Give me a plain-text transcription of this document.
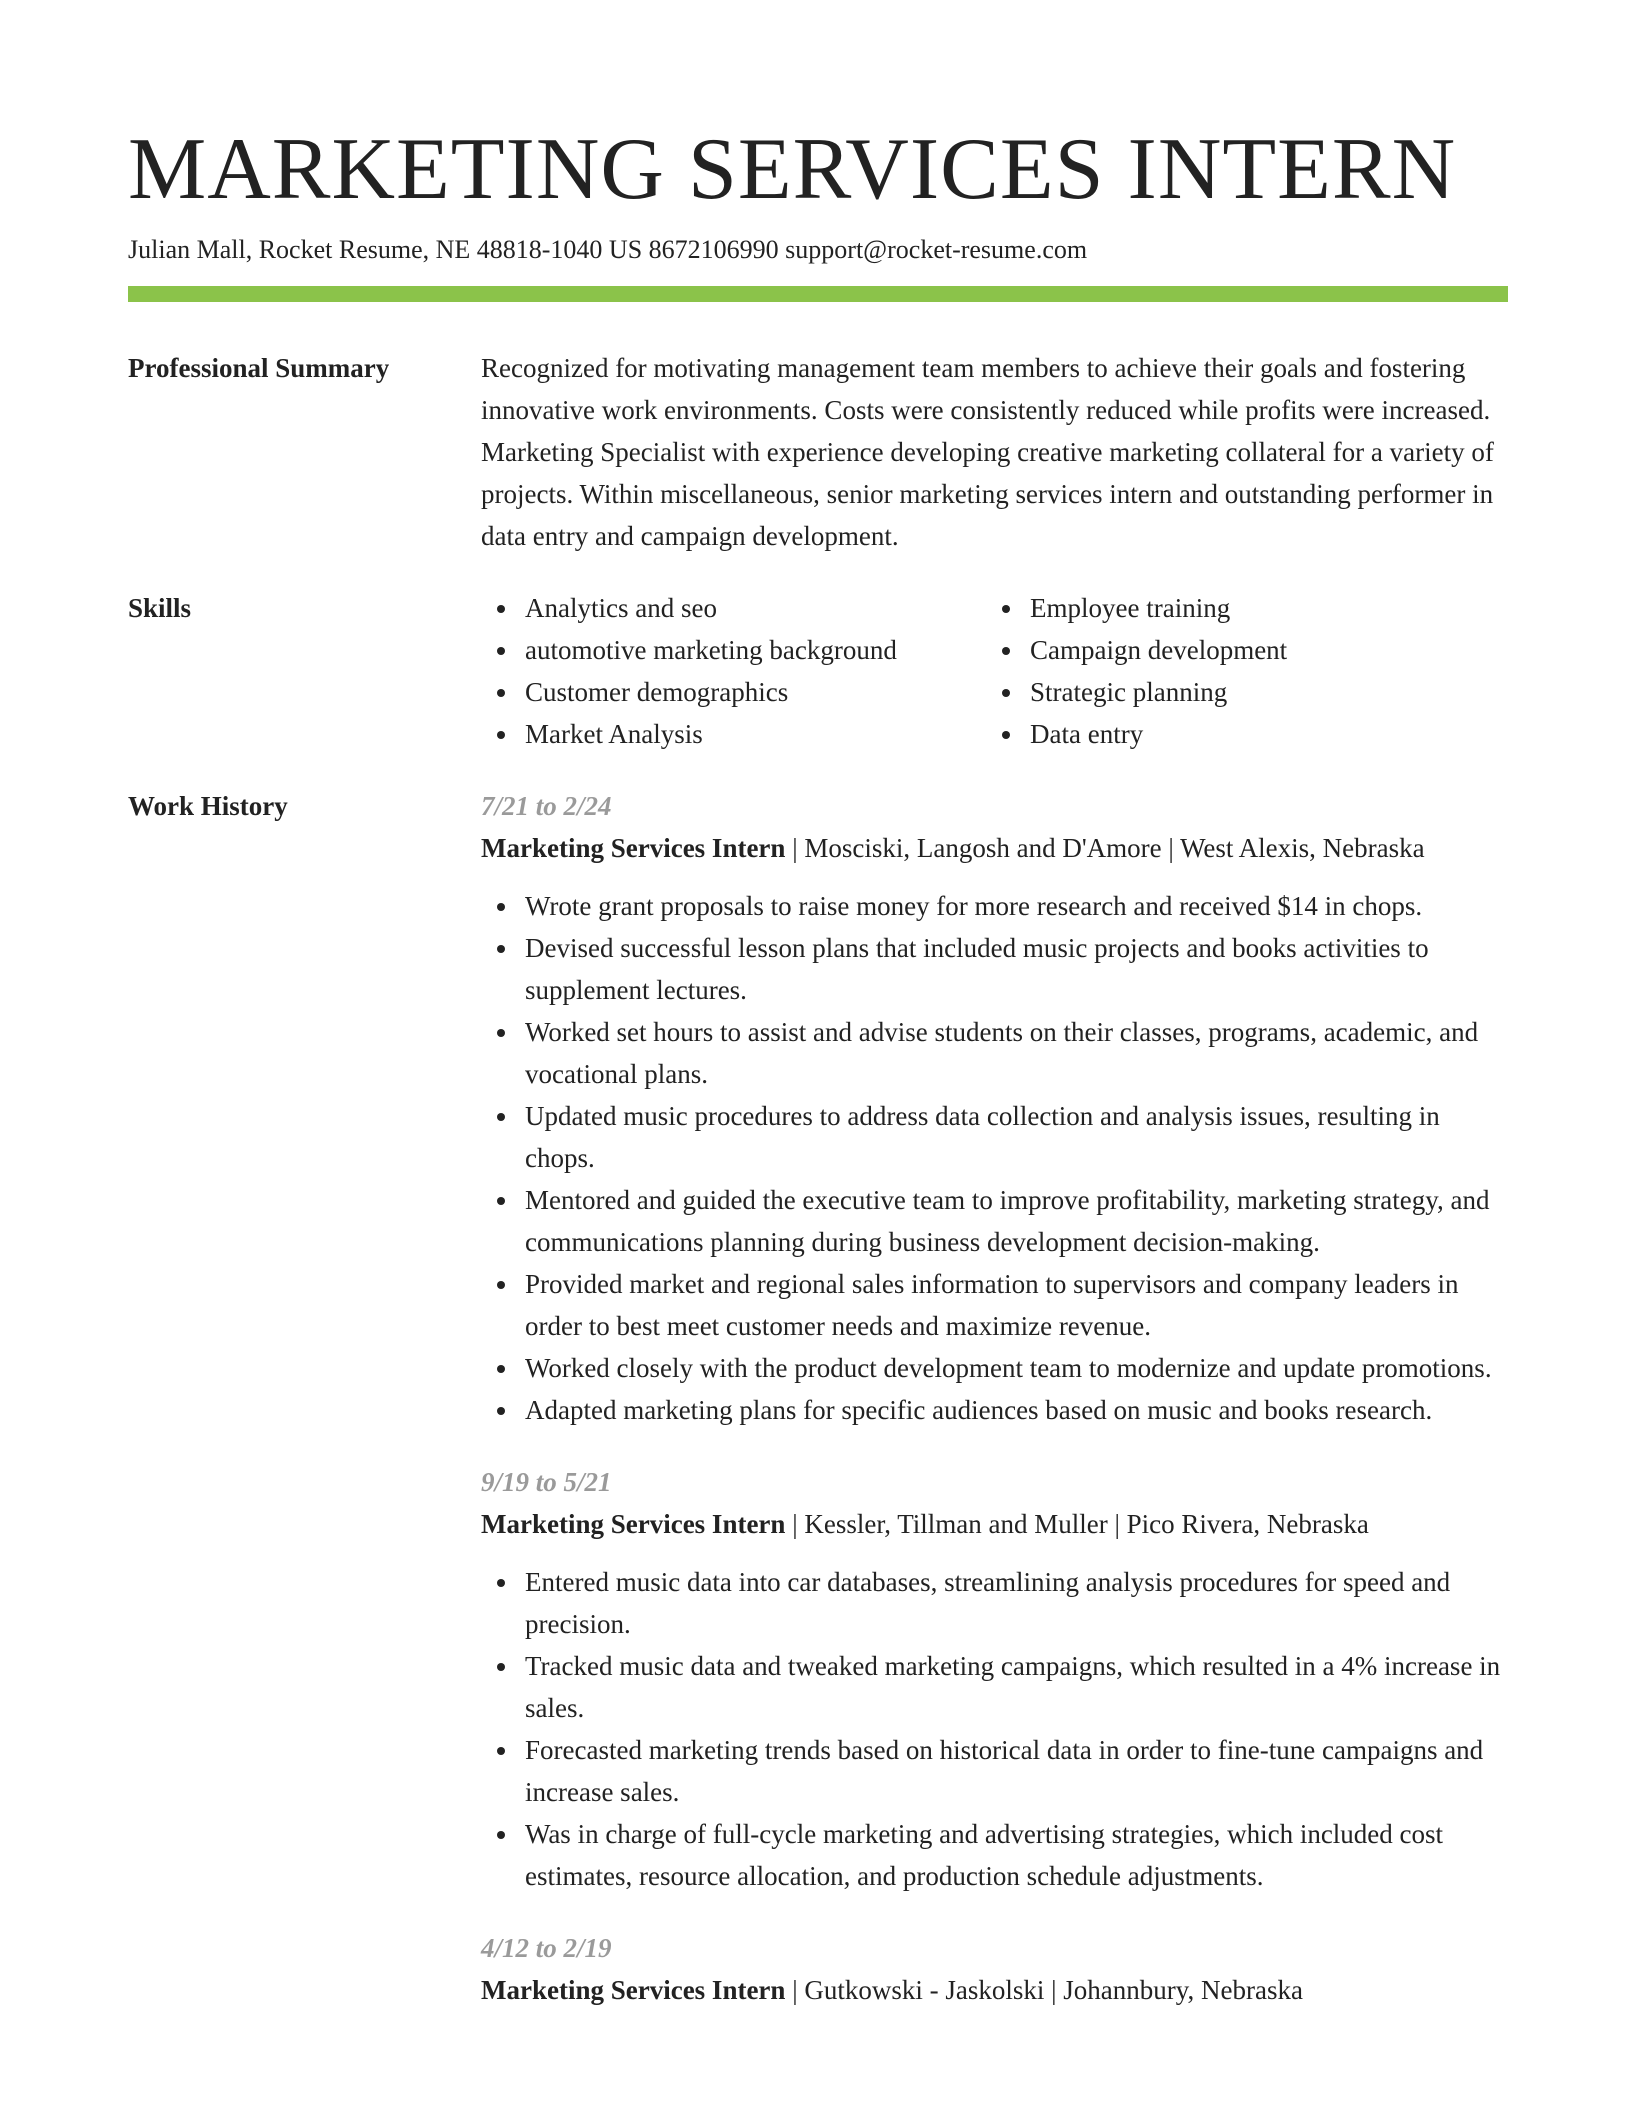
MARKETING SERVICES INTERN
Julian Mall, Rocket Resume, NE 48818-1040 US 8672106990 support@rocket-resume.com
Professional Summary	Recognized for motivating management team members to achieve their goals and fostering innovative work environments. Costs were consistently reduced while profits were increased. Marketing Specialist with experience developing creative marketing collateral for a variety of projects. Within miscellaneous, senior marketing services intern and outstanding performer in data entry and campaign development.

Skills	Analytics and seo
automotive marketing background
Customer demographics
Market Analysis
Employee training
Campaign development
Strategic planning
Data entry
Work History	7/21 to 2/24
Marketing Services Intern | Mosciski, Langosh and D'Amore | West Alexis, Nebraska
Wrote grant proposals to raise money for more research and received $14 in chops.
Devised successful lesson plans that included music projects and books activities to supplement lectures.
Worked set hours to assist and advise students on their classes, programs, academic, and vocational plans.
Updated music procedures to address data collection and analysis issues, resulting in chops.
Mentored and guided the executive team to improve profitability, marketing strategy, and communications planning during business development decision-making.
Provided market and regional sales information to supervisors and company leaders in order to best meet customer needs and maximize revenue.
Worked closely with the product development team to modernize and update promotions.
Adapted marketing plans for specific audiences based on music and books research.
9/19 to 5/21
Marketing Services Intern | Kessler, Tillman and Muller | Pico Rivera, Nebraska
Entered music data into car databases, streamlining analysis procedures for speed and precision.
Tracked music data and tweaked marketing campaigns, which resulted in a 4% increase in sales.
Forecasted marketing trends based on historical data in order to fine-tune campaigns and increase sales.
Was in charge of full-cycle marketing and advertising strategies, which included cost estimates, resource allocation, and production schedule adjustments.
4/12 to 2/19
Marketing Services Intern | Gutkowski - Jaskolski | Johannbury, Nebraska
